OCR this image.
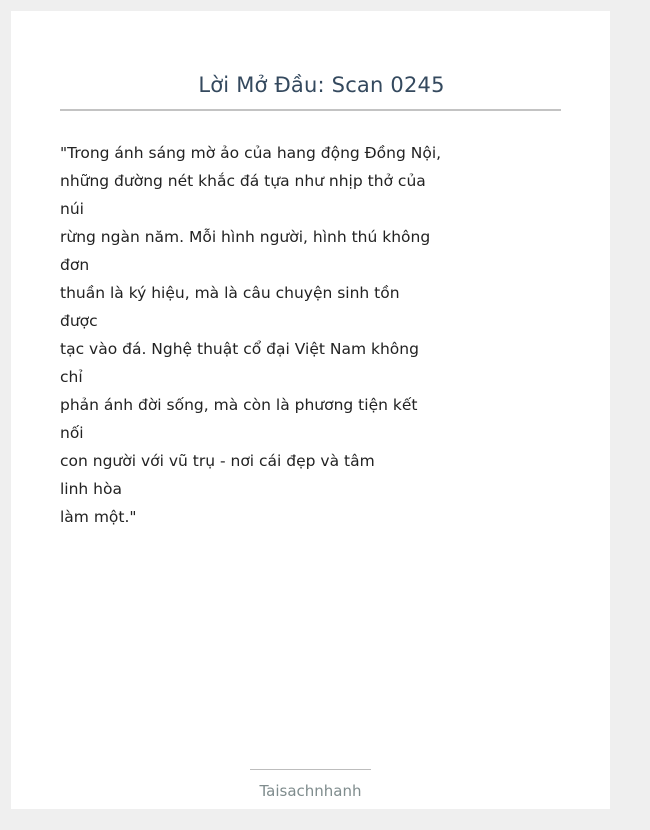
Lời Mở Đầu: Scan 0245
"Trong ánh sáng mờ ảo của hang động Đồng Nội,
những đường nét khắc đá tựa như nhịp thở của
núi
rừng ngàn năm. Mỗi hình người, hình thú không
đơn
thuần là ký hiệu, mà là câu chuyện sinh tồn
được
tạc vào đá. Nghệ thuật cổ đại Việt Nam không
chỉ
phản ánh đời sống, mà còn là phương tiện kết
nối
con người với vũ trụ - nơi cái đẹp và tâm
linh hòa
làm một."
Taisachnhanh
